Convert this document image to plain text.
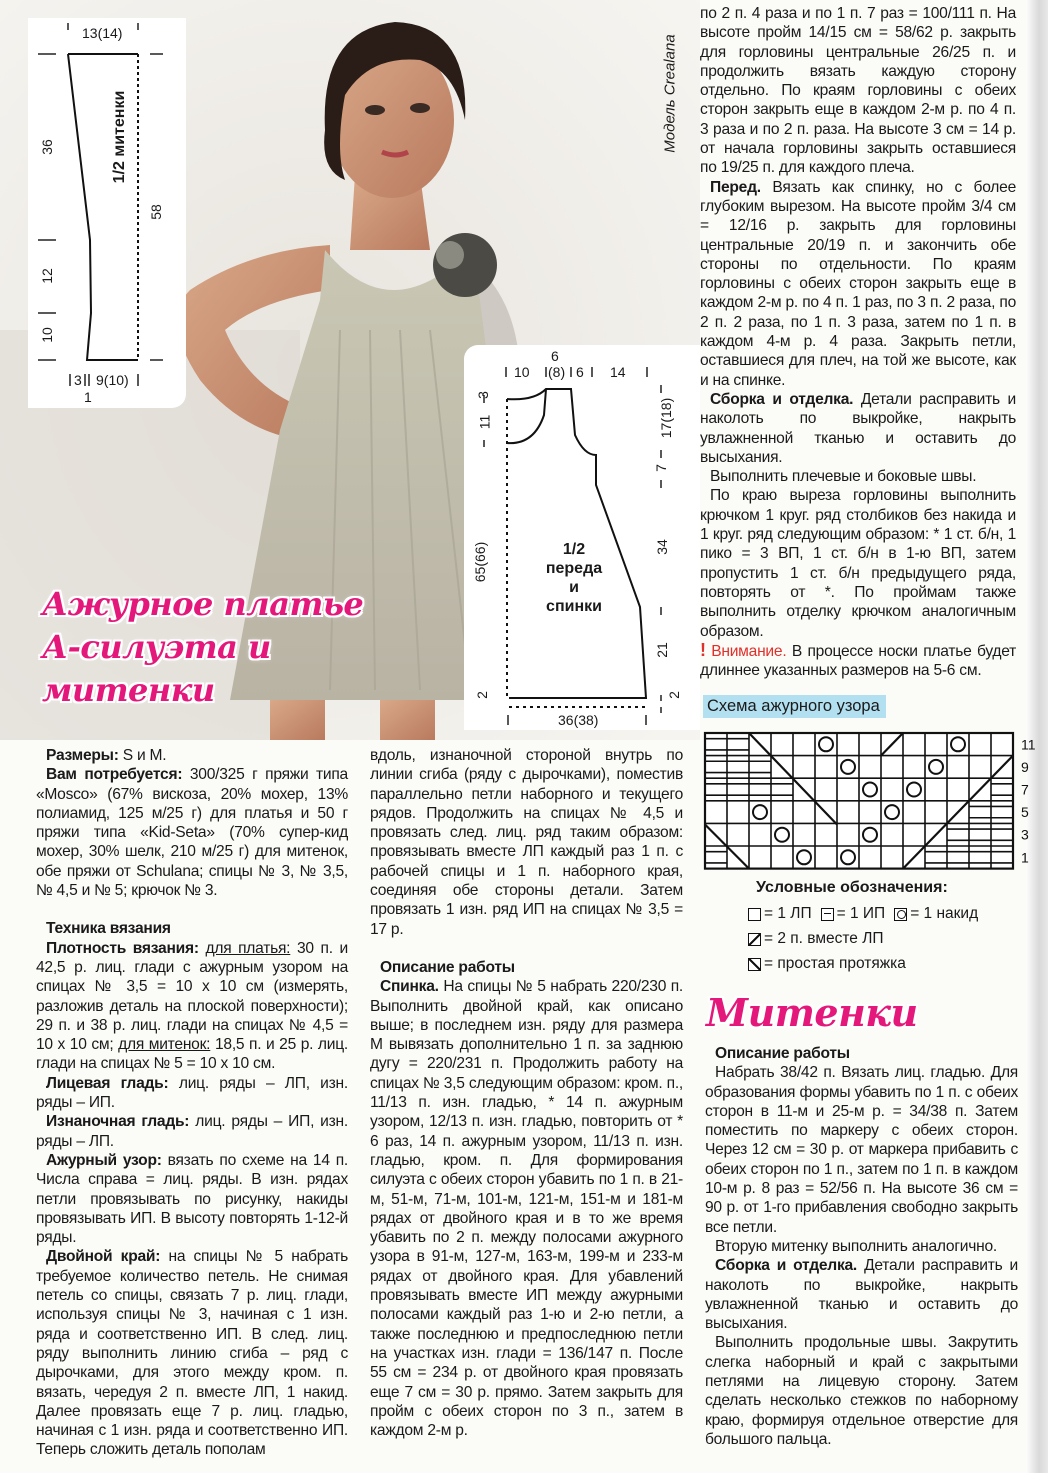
Модель Crealana
Ажурное платье
А-силуэта и
митенки
13(14)
36
12
10
58
1/2 митенки
3 9(10)
1
10
6
(8) 6 14
3
11
65(66)
2
17(18)
7
34
21
2
36(38)
1/2
переда
и
спинки

Размеры: S и M.

Вам потребуется: 300/325 г пряжи типа «Mosco» (67% вискоза, 20% мохер, 13% полиамид, 125 м/25 г) для платья и 50 г пряжи типа «Kid-Seta» (70% супер-кид мохер, 30% шелк, 210 м/25 г) для митенок, обе пряжи от Schulana; спицы № 3, № 3,5, № 4,5 и № 5; крючок № 3.

Техника вязания

Плотность вязания: для платья: 30 п. и 42,5 р. лиц. глади с ажурным узором на спицах № 3,5 = 10 x 10 см (измерять, разложив деталь на плоской поверхности); 29 п. и 38 р. лиц. глади на спицах № 4,5 = 10 x 10 см; для митенок: 18,5 п. и 25 р. лиц. глади на спицах № 5 = 10 x 10 см.

Лицевая гладь: лиц. ряды – ЛП, изн. ряды – ИП.

Изнаночная гладь: лиц. ряды – ИП, изн. ряды – ЛП.

Ажурный узор: вязать по схеме на 14 п. Числа справа = лиц. ряды. В изн. рядах петли провязывать по рисунку, накиды провязывать ИП. В высоту повторять 1-12-й ряды.

Двойной край: на спицы № 5 набрать требуемое количество петель. Не снимая петель со спицы, связать 7 р. лиц. глади, используя спицы № 3, начиная с 1 изн. ряда и соответственно ИП. В след. лиц. ряду выполнить линию сгиба – ряд с дырочками, для этого между кром. п. вязать, чередуя 2 п. вместе ЛП, 1 накид. Далее провязать еще 7 р. лиц. гладью, начиная с 1 изн. ряда и соответственно ИП. Теперь сложить деталь пополам

вдоль, изнаночной стороной внутрь по линии сгиба (ряду с дырочками), поместив параллельно петли наборного и текущего рядов. Продолжить на спицах № 4,5 и провязать след. лиц. ряд таким образом: провязывать вместе ЛП каждый раз 1 п. с рабочей спицы и 1 п. наборного края, соединяя обе стороны детали. Затем провязать 1 изн. ряд ИП на спицах № 3,5 = 17 р.

Описание работы

Спинка. На спицы № 5 набрать 220/230 п. Выполнить двойной край, как описано выше; в последнем изн. ряду для размера М вывязать дополнительно 1 п. за заднюю дугу = 220/231 п. Продолжить работу на спицах № 3,5 следующим образом: кром. п., 11/13 п. изн. гладью, * 14 п. ажурным узором, 12/13 п. изн. гладью, повторить от * 6 раз, 14 п. ажурным узором, 11/13 п. изн. гладью, кром. п. Для формирования силуэта с обеих сторон убавить по 1 п. в 21-м, 51-м, 71-м, 101-м, 121-м, 151-м и 181-м рядах от двойного края и в то же время убавить по 2 п. между полосами ажурного узора в 91-м, 127-м, 163-м, 199-м и 233-м рядах от двойного края. Для убавлений провязывать вместе ИП между ажурными полосами каждый раз 1-ю и 2-ю петли, а также последнюю и предпоследнюю петли на участках изн. глади = 136/147 п. После 55 см = 234 р. от двойного края провязать еще 7 см = 30 р. прямо. Затем закрыть для пройм с обеих сторон по 3 п., затем в каждом 2-м р.

по 2 п. 4 раза и по 1 п. 7 раз = 100/111 п. На высоте пройм 14/15 см = 58/62 р. закрыть для горловины центральные 26/25 п. и продолжить вязать каждую сторону отдельно. По краям горловины с обеих сторон закрыть еще в каждом 2-м р. по 4 п. 3 раза и по 2 п. раза. На высоте 3 см = 14 р. от начала горловины закрыть оставшиеся по 19/25 п. для каждого плеча.

Перед. Вязать как спинку, но с более глубоким вырезом. На высоте пройм 3/4 см = 12/16 р. закрыть для горловины центральные 20/19 п. и закончить обе стороны по отдельности. По краям горловины с обеих сторон закрыть еще в каждом 2-м р. по 4 п. 1 раз, по 3 п. 2 раза, по 2 п. 2 раза, по 1 п. 3 раза, затем по 1 п. в каждом 4-м р. 4 раза. Закрыть петли, оставшиеся для плеч, на той же высоте, как и на спинке.

Сборка и отделка. Детали расправить и наколоть по выкройке, накрыть увлажненной тканью и оставить до высыхания.

Выполнить плечевые и боковые швы.

По краю выреза горловины выполнить крючком 1 круг. ряд столбиков без накида и 1 круг. ряд следующим образом: * 1 ст. б/н, 1 пико = 3 ВП, 1 ст. б/н в 1-ю ВП, затем пропустить 1 ст. б/н предыдущего ряда, повторять от *. По проймам также выполнить отделку крючком аналогичным образом.

! Внимание. В процессе носки платье будет длиннее указанных размеров на 5-6 см.

Схема ажурного узора
11
9
7
5
3
1
Условные обозначения:
= 1 ЛП = 1 ИП = 1 накид
= 2 п. вместе ЛП
= простая протяжка
Митенки

Описание работы

Набрать 38/42 п. Вязать лиц. гладью. Для образования формы убавить по 1 п. с обеих сторон в 11-м и 25-м р. = 34/38 п. Затем поместить по маркеру с обеих сторон. Через 12 см = 30 р. от маркера прибавить с обеих сторон по 1 п., затем по 1 п. в каждом 10-м р. 8 раз = 52/56 п. На высоте 36 см = 90 р. от 1-го прибавления свободно закрыть все петли.

Вторую митенку выполнить аналогично.

Сборка и отделка. Детали расправить и наколоть по выкройке, накрыть увлажненной тканью и оставить до высыхания.

Выполнить продольные швы. Закрутить слегка наборный и край с закрытыми петлями на лицевую сторону. Затем сделать несколько стежков по наборному краю, формируя отдельное отверстие для большого пальца.
